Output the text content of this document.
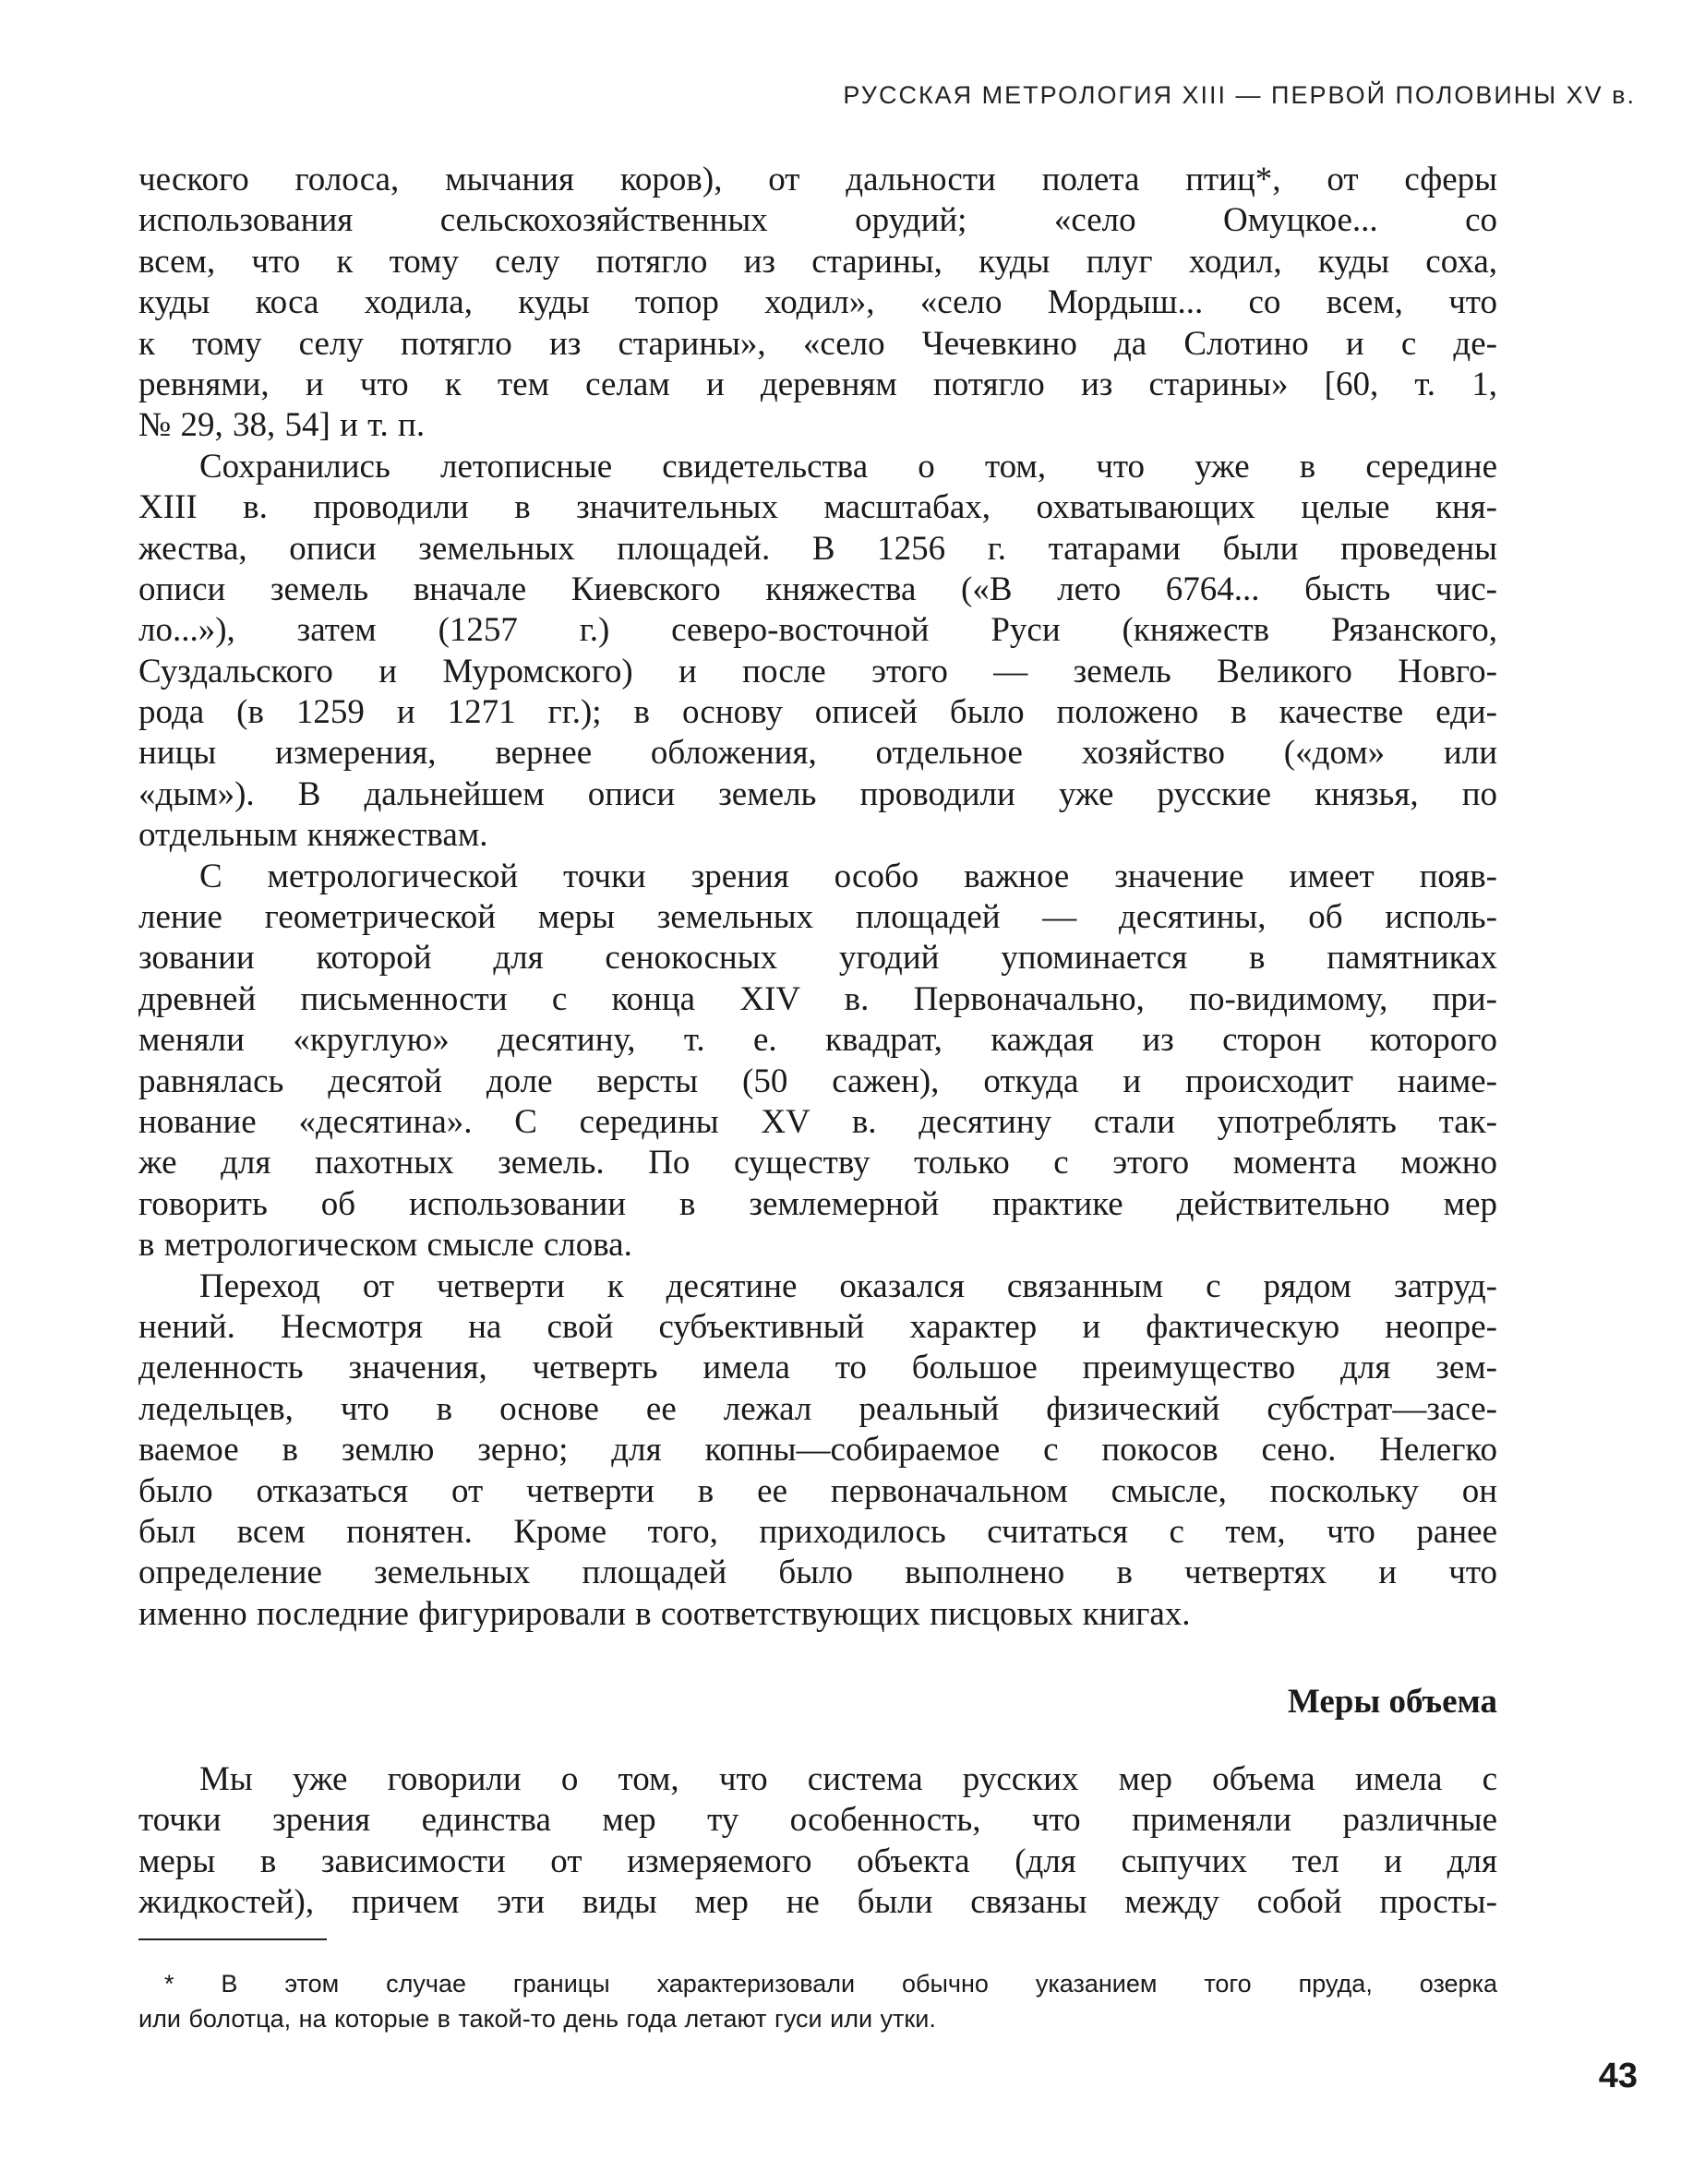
РУССКАЯ МЕТРОЛОГИЯ XIII — ПЕРВОЙ ПОЛОВИНЫ XV в.
ческого голоса, мычания коров), от дальности полета птиц*, от сферы
использования сельскохозяйственных орудий; «село Омуцкое... со
всем, что к тому селу потягло из старины, куды плуг ходил, куды соха,
куды коса ходила, куды топор ходил», «село Мордыш... со всем, что
к тому селу потягло из старины», «село Чечевкино да Слотино и с де-
ревнями, и что к тем селам и деревням потягло из старины» [60, т. 1,
№ 29, 38, 54] и т. п.
Сохранились летописные свидетельства о том, что уже в середине
XIII в. проводили в значительных масштабах, охватывающих целые кня-
жества, описи земельных площадей. В 1256 г. татарами были проведены
описи земель вначале Киевского княжества («В лето 6764... бысть чис-
ло...»), затем (1257 г.) северо-восточной Руси (княжеств Рязанского,
Суздальского и Муромского) и после этого — земель Великого Новго-
рода (в 1259 и 1271 гг.); в основу описей было положено в качестве еди-
ницы измерения, вернее обложения, отдельное хозяйство («дом» или
«дым»). В дальнейшем описи земель проводили уже русские князья, по
отдельным княжествам.
С метрологической точки зрения особо важное значение имеет появ-
ление геометрической меры земельных площадей — десятины, об исполь-
зовании которой для сенокосных угодий упоминается в памятниках
древней письменности с конца XIV в. Первоначально, по-видимому, при-
меняли «круглую» десятину, т. е. квадрат, каждая из сторон которого
равнялась десятой доле версты (50 сажен), откуда и происходит наиме-
нование «десятина». С середины XV в. десятину стали употреблять так-
же для пахотных земель. По существу только с этого момента можно
говорить об использовании в землемерной практике действительно мер
в метрологическом смысле слова.
Переход от четверти к десятине оказался связанным с рядом затруд-
нений. Несмотря на свой субъективный характер и фактическую неопре-
деленность значения, четверть имела то большое преимущество для зем-
ледельцев, что в основе ее лежал реальный физический субстрат—засе-
ваемое в землю зерно; для копны—собираемое с покосов сено. Нелегко
было отказаться от четверти в ее первоначальном смысле, поскольку он
был всем понятен. Кроме того, приходилось считаться с тем, что ранее
определение земельных площадей было выполнено в четвертях и что
именно последние фигурировали в соответствующих писцовых книгах.
Меры объема
Мы уже говорили о том, что система русских мер объема имела с
точки зрения единства мер ту особенность, что применяли различные
меры в зависимости от измеряемого объекта (для сыпучих тел и для
жидкостей), причем эти виды мер не были связаны между собой просты-
* В этом случае границы характеризовали обычно указанием того пруда, озерка
или болотца, на которые в такой-то день года летают гуси или утки.
43
